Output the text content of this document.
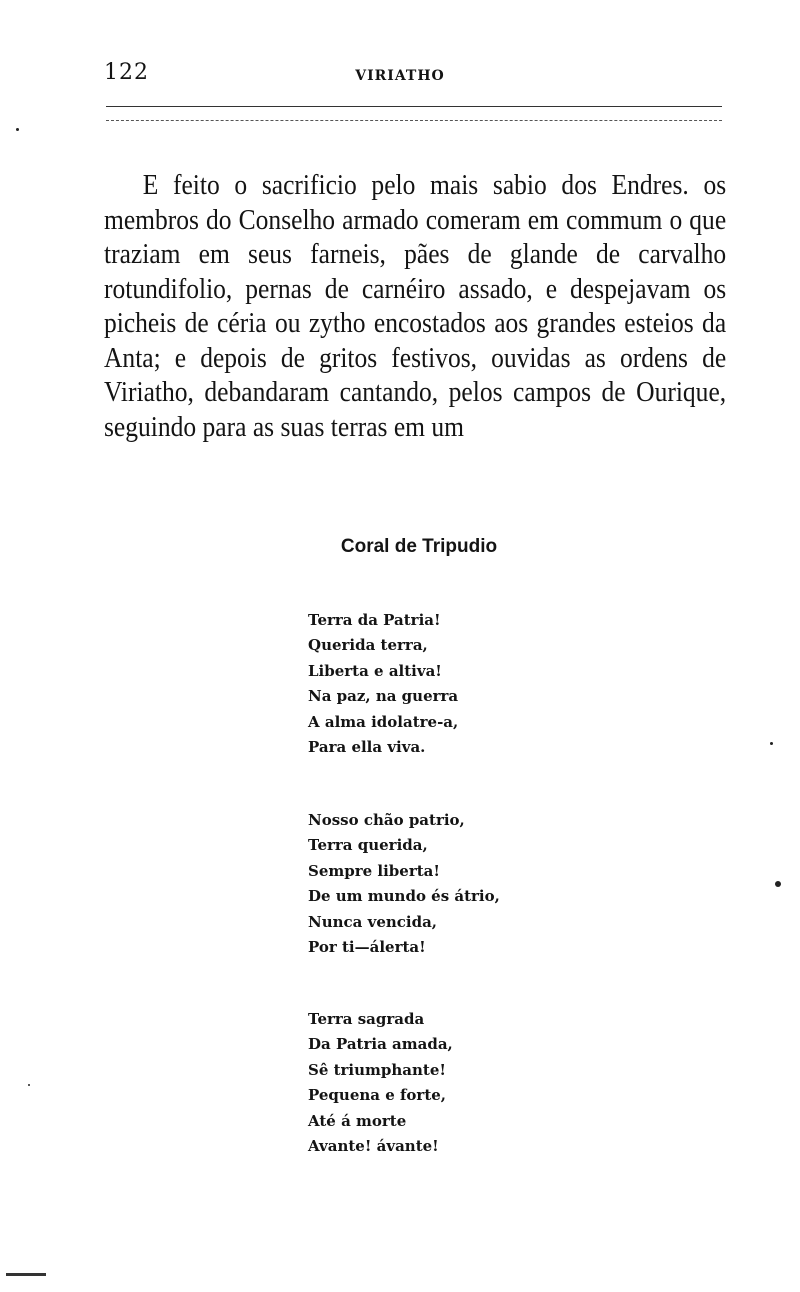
122	VIRIATHO

E feito o sacrificio pelo mais sabio dos Endres. os membros do Conselho armado comeram em commum o que traziam em seus farneis, pães de glande de carvalho rotundifolio, pernas de carnéiro assado, e despejavam os picheis de céria ou zytho encostados aos grandes esteios da Anta; e depois de gritos festivos, ouvidas as ordens de Viriatho, debandaram cantando, pelos campos de Ourique, seguindo para as suas terras em um

Coral de Tripudio
Terra da Patria!
Querida terra,
Liberta e altiva!
Na paz, na guerra
A alma idolatre-a,
Para ella viva.
Nosso chão patrio,
Terra querida,
Sempre liberta!
De um mundo és átrio,
Nunca vencida,
Por ti—álerta!
Terra sagrada
Da Patria amada,
Sê triumphante!
Pequena e forte,
Até á morte
Avante! ávante!
